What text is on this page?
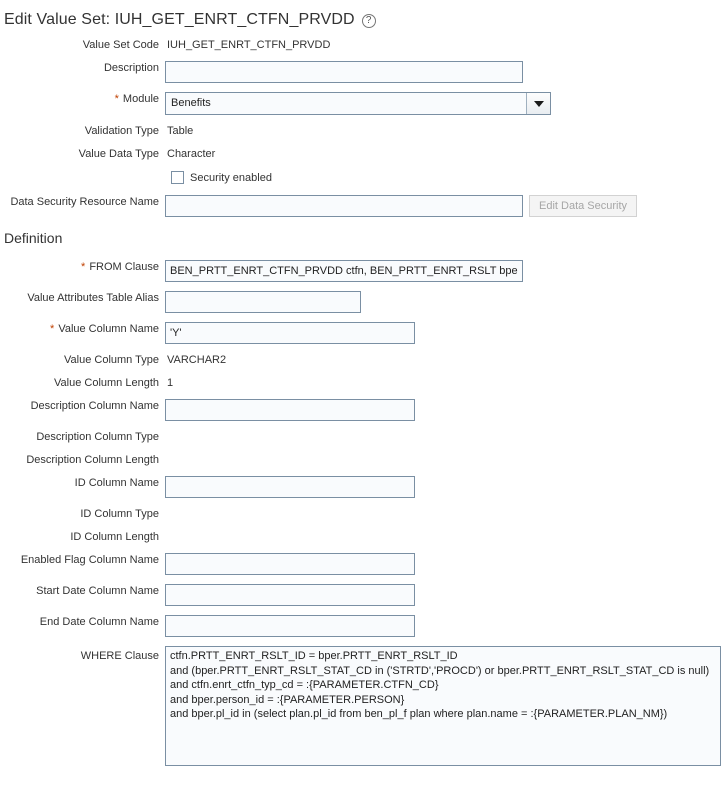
Edit Value Set: IUH_GET_ENRT_CTFN_PRVDD ?
Value Set Code IUH_GET_ENRT_CTFN_PRVDD
Description
* Module	Benefits
Validation Type Table
Value Data Type Character
Security enabled
Data Security Resource Name	Edit Data Security
Definition
* FROM Clause
BEN_PRTT_ENRT_CTFN_PRVDD ctfn, BEN_PRTT_ENRT_RSLT bper
Value Attributes Table Alias
* Value Column Name
'Y'
Value Column Type VARCHAR2
Value Column Length 1
Description Column Name
Description Column Type
Description Column Length
ID Column Name
ID Column Type
ID Column Length
Enabled Flag Column Name
Start Date Column Name
End Date Column Name
WHERE Clause
ctfn.PRTT_ENRT_RSLT_ID = bper.PRTT_ENRT_RSLT_ID and (bper.PRTT_ENRT_RSLT_STAT_CD in ('STRTD','PROCD') or bper.PRTT_ENRT_RSLT_STAT_CD is null) and ctfn.enrt_ctfn_typ_cd = :{PARAMETER.CTFN_CD} and bper.person_id = :{PARAMETER.PERSON} and bper.pl_id in (select plan.pl_id from ben_pl_f plan where plan.name = :{PARAMETER.PLAN_NM})
